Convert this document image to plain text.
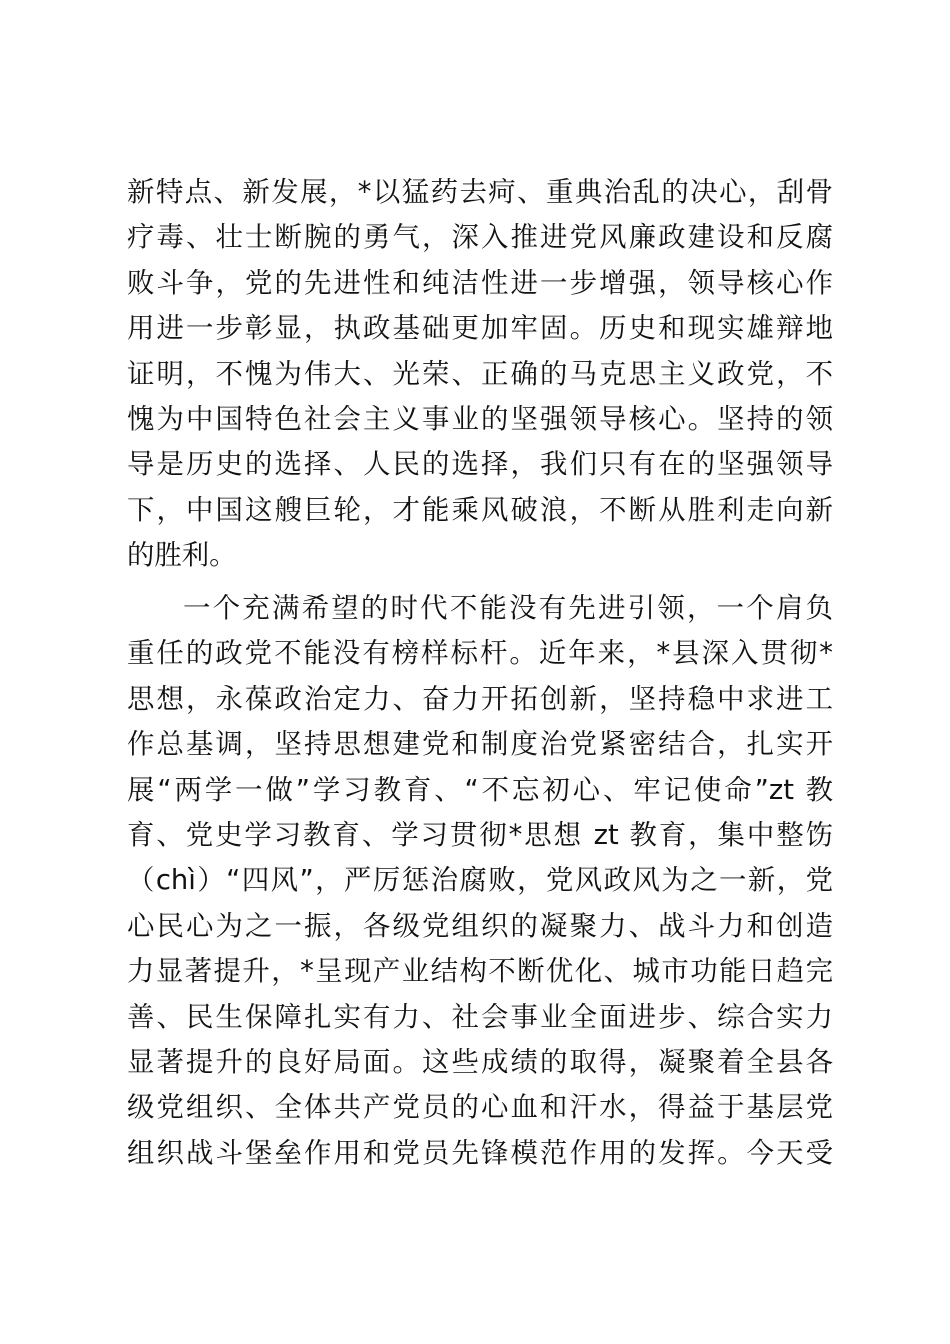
新特点、新发展，*以猛药去疴、重典治乱的决心，刮骨
疗毒、壮士断腕的勇气，深入推进党风廉政建设和反腐
败斗争，党的先进性和纯洁性进一步增强，领导核心作
用进一步彰显，执政基础更加牢固。历史和现实雄辩地
证明，不愧为伟大、光荣、正确的马克思主义政党，不
愧为中国特色社会主义事业的坚强领导核心。坚持的领
导是历史的选择、人民的选择，我们只有在的坚强领导
下，中国这艘巨轮，才能乘风破浪，不断从胜利走向新
的胜利。
一个充满希望的时代不能没有先进引领，一个肩负
重任的政党不能没有榜样标杆。近年来，*县深入贯彻*
思想，永葆政治定力、奋力开拓创新，坚持稳中求进工
作总基调，坚持思想建党和制度治党紧密结合，扎实开
展“两学一做”学习教育、“不忘初心、牢记使命”zt 教
育、党史学习教育、学习贯彻*思想 zt 教育，集中整饬
（chì）“四风”，严厉惩治腐败，党风政风为之一新，党
心民心为之一振，各级党组织的凝聚力、战斗力和创造
力显著提升，*呈现产业结构不断优化、城市功能日趋完
善、民生保障扎实有力、社会事业全面进步、综合实力
显著提升的良好局面。这些成绩的取得，凝聚着全县各
级党组织、全体共产党员的心血和汗水，得益于基层党
组织战斗堡垒作用和党员先锋模范作用的发挥。今天受
